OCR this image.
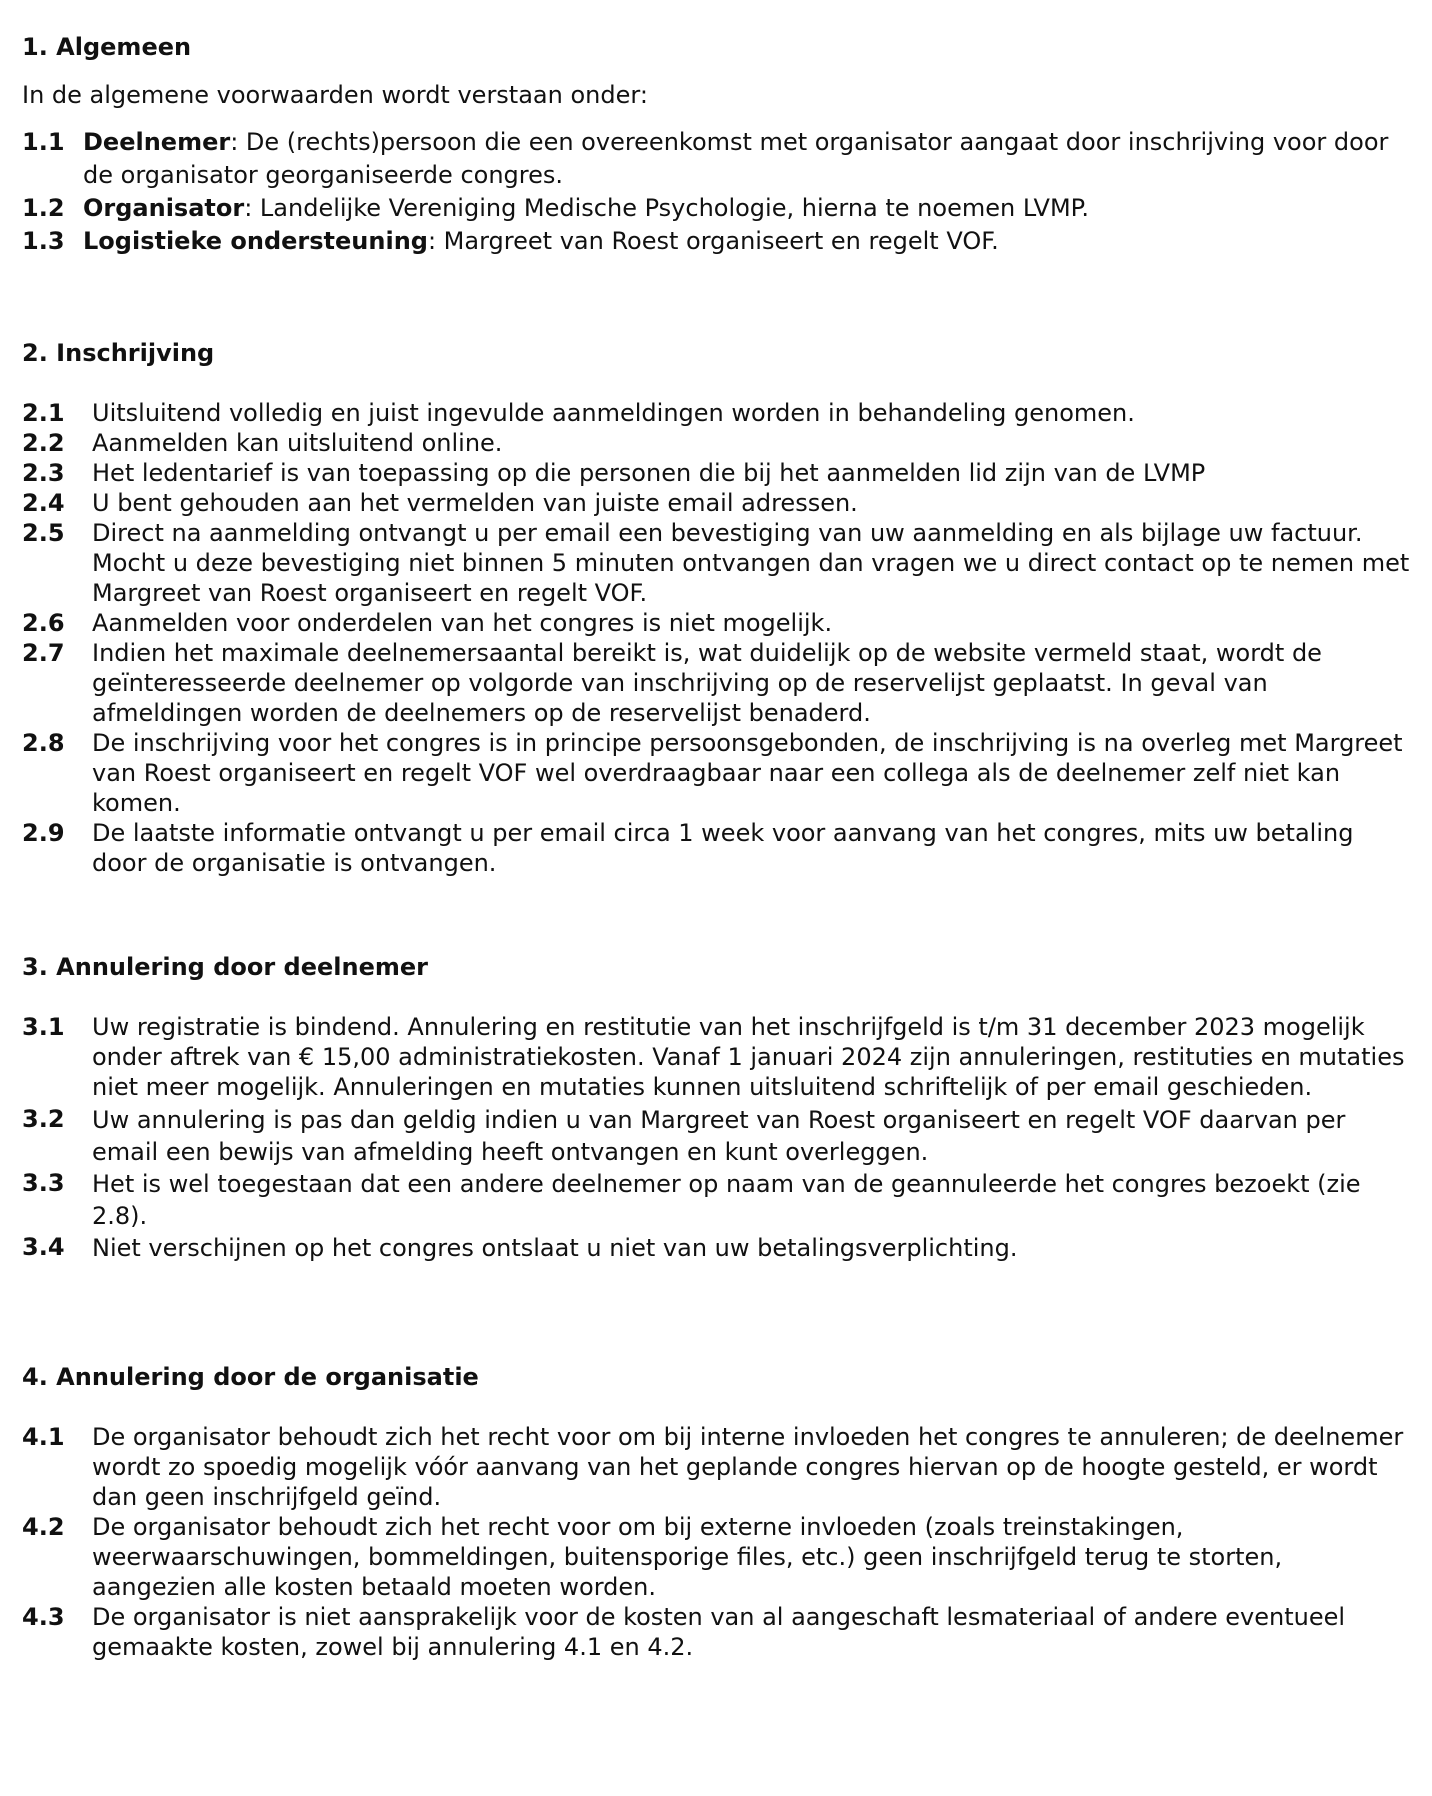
1. Algemeen

In de algemene voorwaarden wordt verstaan onder:

1.1 Deelnemer: De (rechts)persoon die een overeenkomst met organisator aangaat door inschrijving voor door de organisator georganiseerde congres.
1.2 Organisator: Landelijke Vereniging Medische Psychologie, hierna te noemen LVMP.
1.3 Logistieke ondersteuning: Margreet van Roest organiseert en regelt VOF.
2. Inschrijving
2.1	Uitsluitend volledig en juist ingevulde aanmeldingen worden in behandeling genomen.
2.2	Aanmelden kan uitsluitend online.
2.3	Het ledentarief is van toepassing op die personen die bij het aanmelden lid zijn van de LVMP
2.4	U bent gehouden aan het vermelden van juiste email adressen.
2.5	Direct na aanmelding ontvangt u per email een bevestiging van uw aanmelding en als bijlage uw factuur. Mocht u deze bevestiging niet binnen 5 minuten ontvangen dan vragen we u direct contact op te nemen met Margreet van Roest organiseert en regelt VOF.
2.6	Aanmelden voor onderdelen van het congres is niet mogelijk.
2.7	Indien het maximale deelnemersaantal bereikt is, wat duidelijk op de website vermeld staat, wordt de geïnteresseerde deelnemer op volgorde van inschrijving op de reservelijst geplaatst. In geval van afmeldingen worden de deelnemers op de reservelijst benaderd.
2.8	De inschrijving voor het congres is in principe persoonsgebonden, de inschrijving is na overleg met Margreet van Roest organiseert en regelt VOF wel overdraagbaar naar een collega als de deelnemer zelf niet kan komen.
2.9	De laatste informatie ontvangt u per email circa 1 week voor aanvang van het congres, mits uw betaling door de organisatie is ontvangen.
3. Annulering door deelnemer
3.1	Uw registratie is bindend. Annulering en restitutie van het inschrijfgeld is t/m 31 december 2023 mogelijk onder aftrek van € 15,00 administratiekosten. Vanaf 1 januari 2024 zijn annuleringen, restituties en mutaties niet meer mogelijk. Annuleringen en mutaties kunnen uitsluitend schriftelijk of per email geschieden.
3.2	Uw annulering is pas dan geldig indien u van Margreet van Roest organiseert en regelt VOF daarvan per email een bewijs van afmelding heeft ontvangen en kunt overleggen.
3.3	Het is wel toegestaan dat een andere deelnemer op naam van de geannuleerde het congres bezoekt (zie 2.8).
3.4	Niet verschijnen op het congres ontslaat u niet van uw betalingsverplichting.
4. Annulering door de organisatie
4.1	De organisator behoudt zich het recht voor om bij interne invloeden het congres te annuleren; de deelnemer wordt zo spoedig mogelijk vóór aanvang van het geplande congres hiervan op de hoogte gesteld, er wordt dan geen inschrijfgeld geïnd.
4.2	De organisator behoudt zich het recht voor om bij externe invloeden (zoals treinstakingen, weerwaarschuwingen, bommeldingen, buitensporige files, etc.) geen inschrijfgeld terug te storten, aangezien alle kosten betaald moeten worden.
4.3	De organisator is niet aansprakelijk voor de kosten van al aangeschaft lesmateriaal of andere eventueel gemaakte kosten, zowel bij annulering 4.1 en 4.2.
